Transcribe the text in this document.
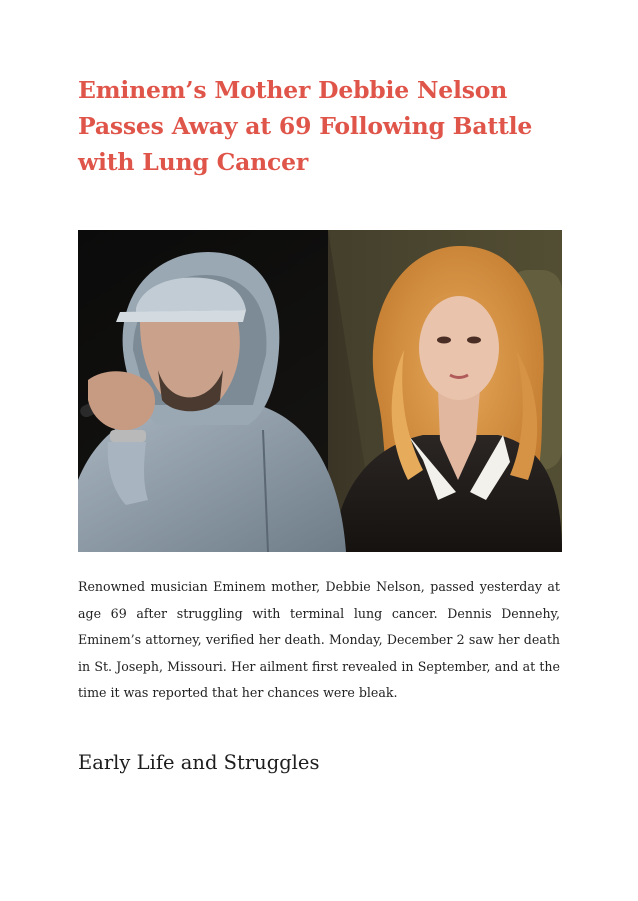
Eminem’s Mother Debbie Nelson Passes Away at 69 Following Battle with Lung Cancer

Renowned musician Eminem mother, Debbie Nelson, passed yesterday at age 69 after struggling with terminal lung cancer. Dennis Dennehy, Eminem’s attorney, verified her death. Monday, December 2 saw her death in St. Joseph, Missouri. Her ailment first revealed in September, and at the time it was reported that her chances were bleak.

Early Life and Struggles
